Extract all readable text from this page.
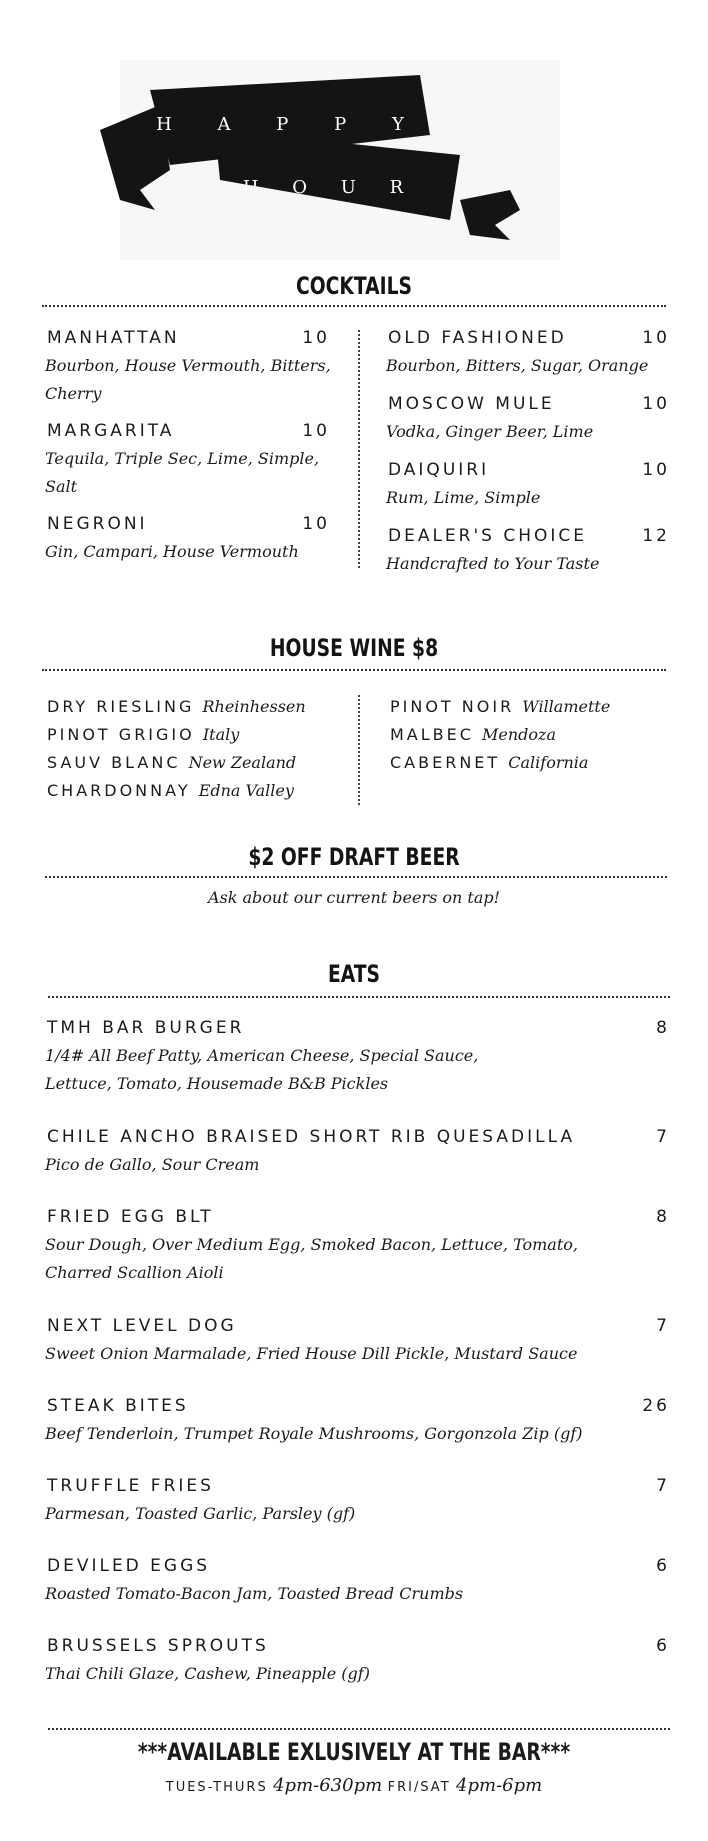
H A P P Y
H O U R
COCKTAILS
MANHATTAN	10
Bourbon, House Vermouth, Bitters, Cherry
MARGARITA	10
Tequila, Triple Sec, Lime, Simple, Salt
NEGRONI	10
Gin, Campari, House Vermouth
OLD FASHIONED	10
Bourbon, Bitters, Sugar, Orange
MOSCOW MULE	10
Vodka, Ginger Beer, Lime
DAIQUIRI	10
Rum, Lime, Simple
DEALER'S CHOICE	12
Handcrafted to Your Taste
HOUSE WINE $8
DRY RIESLING Rheinhessen
PINOT GRIGIO Italy
SAUV BLANC New Zealand
CHARDONNAY Edna Valley
PINOT NOIR Willamette
MALBEC Mendoza
CABERNET California
$2 OFF DRAFT BEER
Ask about our current beers on tap!
EATS
TMH BAR BURGER	8
1/4# All Beef Patty, American Cheese, Special Sauce,
Lettuce, Tomato, Housemade B&B Pickles
CHILE ANCHO BRAISED SHORT RIB QUESADILLA	7
Pico de Gallo, Sour Cream
FRIED EGG BLT	8
Sour Dough, Over Medium Egg, Smoked Bacon, Lettuce, Tomato,
Charred Scallion Aioli
NEXT LEVEL DOG	7
Sweet Onion Marmalade, Fried House Dill Pickle, Mustard Sauce
STEAK BITES	26
Beef Tenderloin, Trumpet Royale Mushrooms, Gorgonzola Zip (gf)
TRUFFLE FRIES	7
Parmesan, Toasted Garlic, Parsley (gf)
DEVILED EGGS	6
Roasted Tomato-Bacon Jam, Toasted Bread Crumbs
BRUSSELS SPROUTS	6
Thai Chili Glaze, Cashew, Pineapple (gf)
***AVAILABLE EXLUSIVELY AT THE BAR***
TUES-THURS 4pm-630pm FRI/SAT 4pm-6pm
